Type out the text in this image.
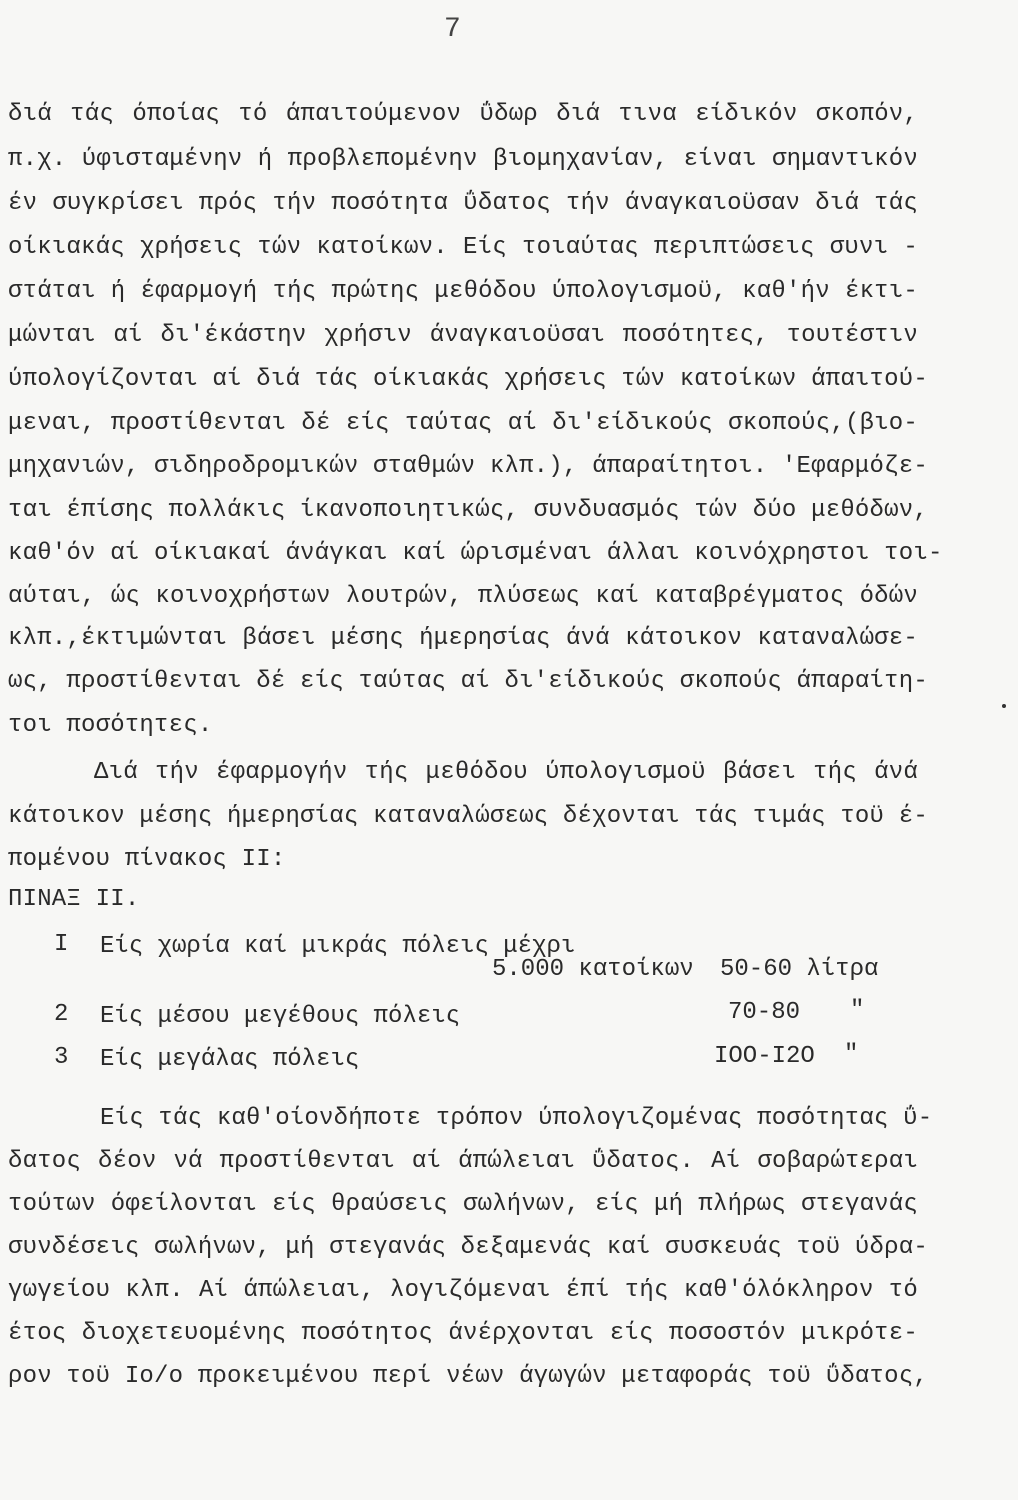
7
διά τάς όποίας τό άπαιτούμενον ΰδωρ διά τινα είδικόν σκοπόν,
π.χ. ύφισταμένην ή προβλεπομένην βιομηχανίαν, είναι σημαντικόν
έν συγκρίσει πρός τήν ποσότητα ΰδατος τήν άναγκαιοϋσαν διά τάς
οίκιακάς χρήσεις τών κατοίκων. Είς τοιαύτας περιπτώσεις συνι -
στάται ή έφαρμογή τής πρώτης μεθόδου ύπολογισμοϋ, καθ'ήν έκτι-
μώνται αί δι'έκάστην χρήσιν άναγκαιοϋσαι ποσότητες, τουτέστιν
ύπολογίζονται αί διά τάς οίκιακάς χρήσεις τών κατοίκων άπαιτού-
μεναι, προστίθενται δέ είς ταύτας αί δι'είδικούς σκοπούς,(βιο-
μηχανιών, σιδηροδρομικών σταθμών κλπ.), άπαραίτητοι. 'Εφαρμόζε-
ται έπίσης πολλάκις ίκανοποιητικώς, συνδυασμός τών δύο μεθόδων,
καθ'όν αί οίκιακαί άνάγκαι καί ώρισμέναι άλλαι κοινόχρηστοι τοι-
αύται, ώς κοινοχρήστων λουτρών, πλύσεως καί καταβρέγματος όδών
κλπ.,έκτιμώνται βάσει μέσης ήμερησίας άνά κάτοικον καταναλώσε-
ως, προστίθενται δέ είς ταύτας αί δι'είδικούς σκοπούς άπαραίτη-
τοι ποσότητες.
Διά τήν έφαρμογήν τής μεθόδου ύπολογισμοϋ βάσει τής άνά
κάτοικον μέσης ήμερησίας καταναλώσεως δέχονται τάς τιμάς τοϋ έ-
πομένου πίνακος ΙΙ:
ΠΙΝΑΞ ΙΙ.
Ι Είς χωρία καί μικράς πόλεις μέχρι
5.000 κατοίκων 50-60 λίτρα
2 Είς μέσου μεγέθους πόλεις	70-80 "
3 Είς μεγάλας πόλεις	ΙΟΟ-Ι2Ο "
Είς τάς καθ'οίονδήποτε τρόπον ύπολογιζομένας ποσότητας ΰ-
δατος δέον νά προστίθενται αί άπώλειαι ΰδατος. Αί σοβαρώτεραι
τούτων όφείλονται είς θραύσεις σωλήνων, είς μή πλήρως στεγανάς
συνδέσεις σωλήνων, μή στεγανάς δεξαμενάς καί συσκευάς τοϋ ύδρα-
γωγείου κλπ. Αί άπώλειαι, λογιζόμεναι έπί τής καθ'όλόκληρον τό
έτος διοχετευομένης ποσότητος άνέρχονται είς ποσοστόν μικρότε-
ρον τοϋ Ιο/ο προκειμένου περί νέων άγωγών μεταφοράς τοϋ ΰδατος,
